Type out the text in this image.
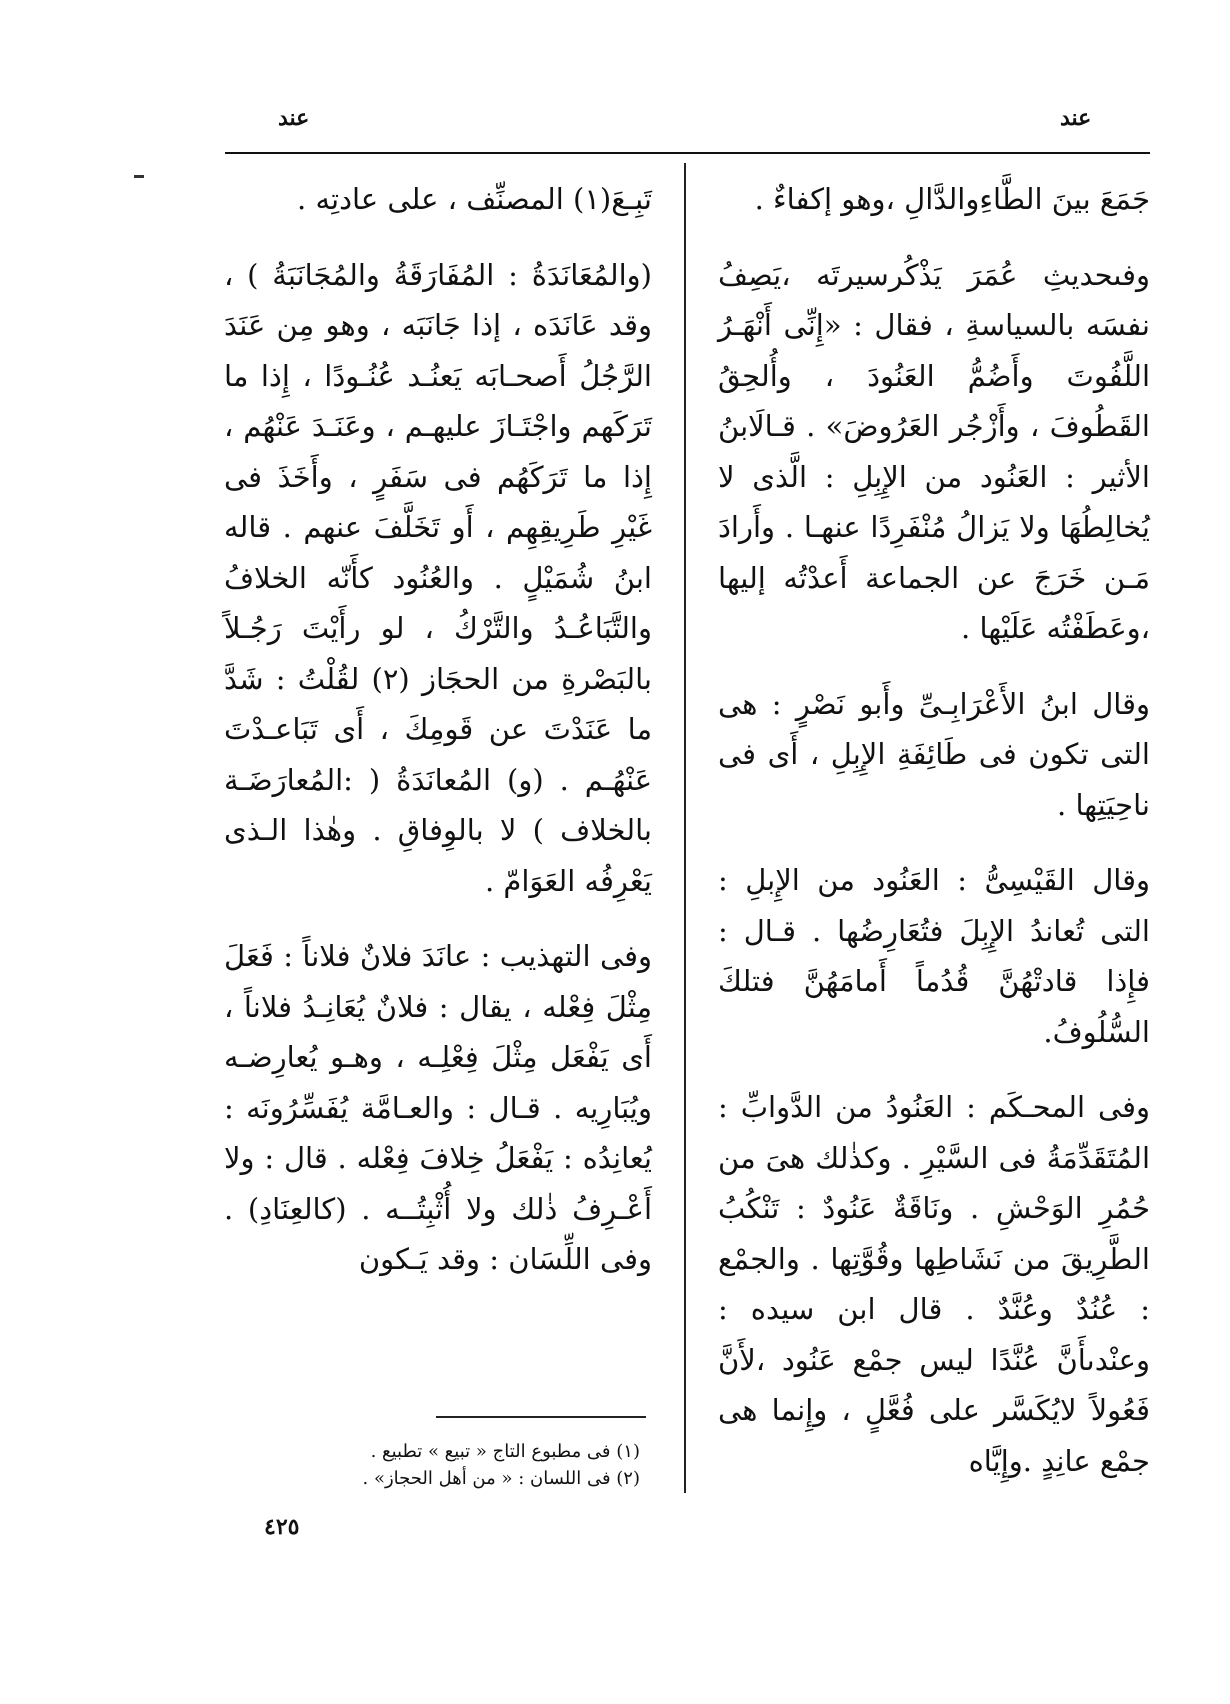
عند	عند

جَمَعَ بينَ الطَّاءِوالدَّالِ ،وهو إكفاءٌ .

وفىحديثِ عُمَرَ يَذْكُرسيرتَه ،يَصِفُ نفسَه بالسياسةِ ، فقال : «إِنِّى أَنْهَـرُ اللَّفُوتَ وأَضُمُّ العَنُودَ ، وأُلحِقُ القَطُوفَ ، وأَزْجُر العَرُوضَ» . قـالَابنُ الأثير : العَنُود من الإِبِلِ : الَّذى لا يُخالِطُهَا ولا يَزالُ مُنْفَرِدًا عنهـا . وأَرادَ مَـن خَرَجَ عن الجماعة أَعدْتُه إليها ،وعَطَفْتُه عَلَيْها .

وقال ابنُ الأَعْرَابِـىِّ وأَبو نَصْرٍ : هى التى تكون فى طَائِفَةِ الإِبِلِ ، أَى فى ناحِيَتِها .

وقال القَيْسِىُّ : العَنُود من الإِبلِ : التى تُعاندُ الإِبِلَ فتُعَارِضُها . قـال : فإِذا قادتْهُنَّ قُدُماً أَمامَهُنَّ فتلكَ السُّلُوفُ.

وفى المحـكَم : العَنُودُ من الدَّوابِّ : المُتَقَدِّمَةُ فى السَّيْرِ . وكذٰلك هىَ من حُمُرِ الوَحْشِ . ونَاقَةٌ عَنُودٌ : تَنْكُبُ الطَّرِيقَ من نَشَاطِها وقُوَّتِها . والجمْع : عُنُدٌ وعُنَّدٌ . قال ابن سيده : وعنْدىأَنَّ عُنَّدًا ليس جمْع عَنُود ،لأَنَّ فَعُولاً لايُكَسَّر على فُعَّلٍ ، وإِنما هى جمْع عانِدٍ .وإِيَّاه

تَبِـعَ(١) المصنِّف ، على عادتِه .

(والمُعَانَدَةُ : المُفَارَقَةُ والمُجَانَبَةُ ) ، وقد عَانَدَه ، إذا جَانَبَه ، وهو مِن عَنَدَ الرَّجُلُ أَصحـابَه يَعنُـد عُنُـودًا ، إِذا ما تَرَكَهم واجْتَـازَ عليهـم ، وعَنَـدَ عَنْهُم ، إِذا ما تَرَكَهُم فى سَفَرٍ ، وأَخَذَ فى غَيْرِ طَرِيقِهِم ، أَو تَخَلَّفَ عنهم . قاله ابنُ شُمَيْلٍ . والعُنُود كأَنّه الخلافُ والتَّبَاعُـدُ والتَّرْكُ ، لو رأَيْتَ رَجُـلاً بالبَصْرةِ من الحجَاز (٢) لقُلْتُ : شَدَّ ما عَنَدْتَ عن قَومِكَ ، أَى تَبَاعـدْتَ عَنْهُـم . (و) المُعانَدَةُ ( :المُعارَضَـة بالخلاف ) لا بالوِفاقِ . وهٰذا الـذى يَعْرِفُه العَوَامّ .

وفى التهذيب : عانَدَ فلانٌ فلاناً : فَعَلَ مِثْلَ فِعْله ، يقال : فلانٌ يُعَانِـدُ فلاناً ، أَى يَفْعَل مِثْلَ فِعْلِـه ، وهـو يُعارِضـه ويُبَارِيه . قـال : والعـامَّة يُفَسِّرُونَه : يُعانِدُه : يَفْعَلُ خِلافَ فِعْله . قال : ولا أَعْـرِفُ ذٰلك ولا أُثْبِتُــه . (كالعِنَادِ) . وفى اللِّسَان : وقد يَـكون

(١) فى مطبوع التاج « تبيع » تطبيع .
(٢) فى اللسان : « من أهل الحجاز» .
٤٢٥
